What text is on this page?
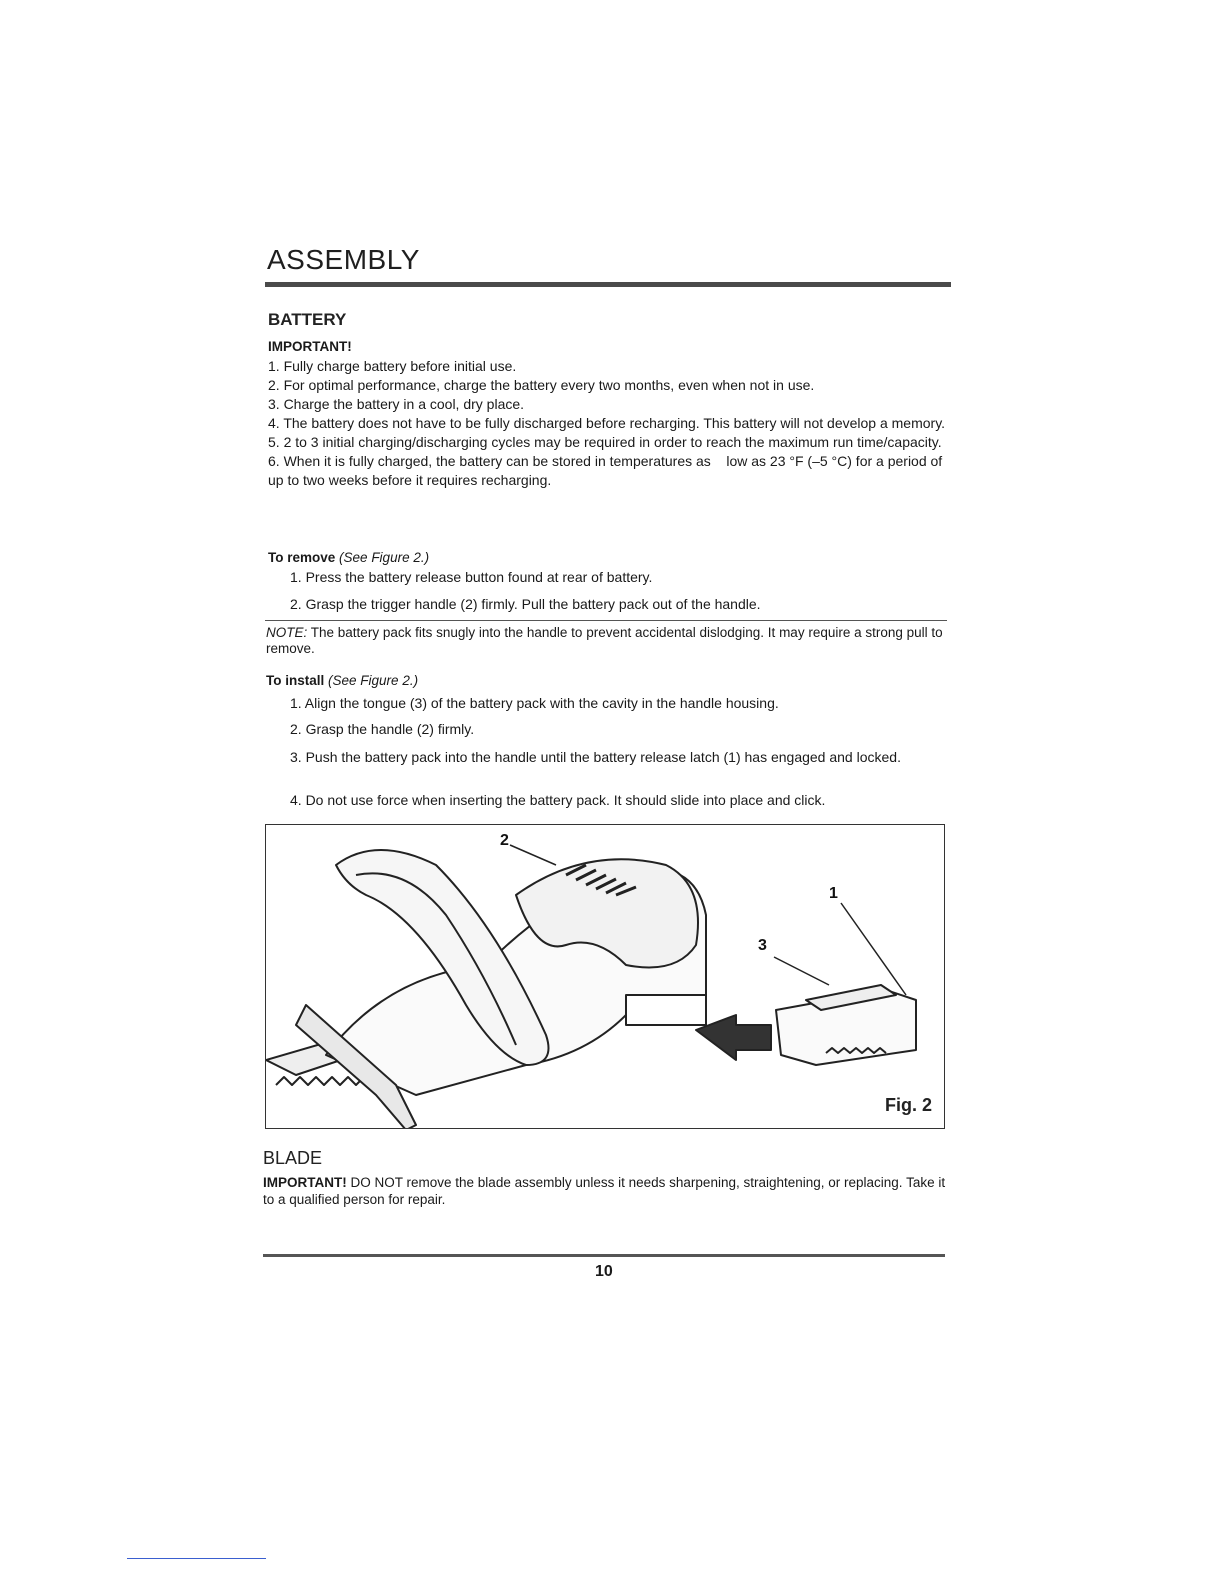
ASSEMBLY
BATTERY
IMPORTANT!
1. Fully charge battery before initial use.
2. For optimal performance, charge the battery every two months, even when not in use.
3. Charge the battery in a cool, dry place.
4. The battery does not have to be fully discharged before recharging. This battery will not develop a memory.
5. 2 to 3 initial charging/discharging cycles may be required in order to reach the maximum run time/capacity.
6. When it is fully charged, the battery can be stored in temperatures as    low as 23 °F (–5 °C) for a period of up to two weeks before it requires recharging.
To remove (See Figure 2.)
1. Press the battery release button found at rear of battery.
2. Grasp the trigger handle (2) firmly. Pull the battery pack out of the handle.
NOTE: The battery pack fits snugly into the handle to prevent accidental dislodging. It may require a strong pull to remove.
To install (See Figure 2.)
1. Align the tongue (3) of the battery pack with the cavity in the handle housing.
2. Grasp the handle (2) firmly.
3. Push the battery pack into the handle until the battery release latch (1) has engaged and locked.
4. Do not use force when inserting the battery pack. It should slide into place and click.
2
1
3
Fig. 2
BLADE
IMPORTANT! DO NOT remove the blade assembly unless it needs sharpening, straightening, or replacing. Take it to a qualified person for repair.
10
